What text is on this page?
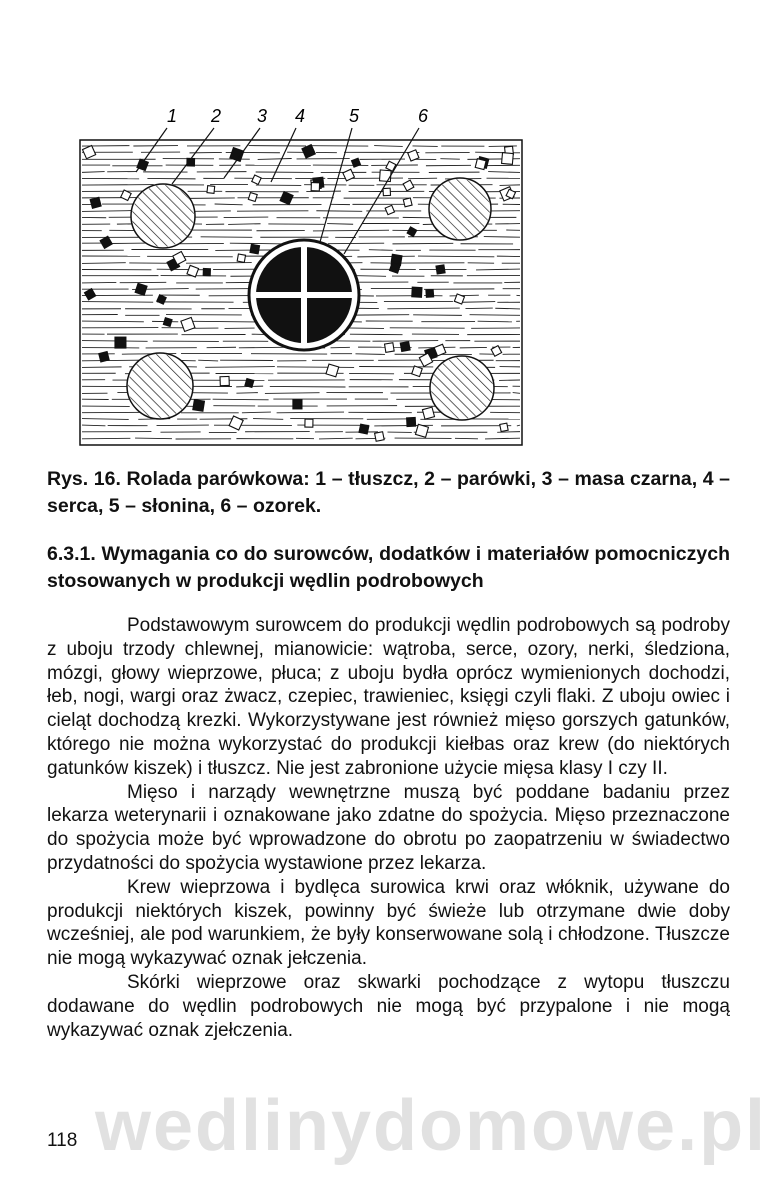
1 2 3 4 5	6
Rys. 16. Rolada parówkowa: 1 – tłuszcz, 2 – parówki, 3 – masa czarna, 4 – serca, 5 – słonina, 6 – ozorek.
6.3.1. Wymagania co do surowców, dodatków i materiałów pomocniczych stosowanych w produkcji wędlin podrobowych

Podstawowym surowcem do produkcji wędlin podrobowych są podroby z uboju trzody chlewnej, mianowicie: wątroba, serce, ozory, nerki, śledziona, mózgi, głowy wieprzowe, płuca; z uboju bydła oprócz wymienionych dochodzi, łeb, nogi, wargi oraz żwacz, czepiec, trawieniec, księgi czyli flaki. Z uboju owiec i cieląt dochodzą krezki. Wykorzystywane jest również mięso gorszych gatunków, którego nie można wykorzystać do produkcji kiełbas oraz krew (do niektórych gatunków kiszek) i tłuszcz. Nie jest zabronione użycie mięsa klasy I czy II.

Mięso i narządy wewnętrzne muszą być poddane badaniu przez lekarza weterynarii i oznakowane jako zdatne do spożycia. Mięso przeznaczone do spożycia może być wprowadzone do obrotu po zaopatrzeniu w świadectwo przydatności do spożycia wystawione przez lekarza.

Krew wieprzowa i bydlęca surowica krwi oraz włóknik, używane do produkcji niektórych kiszek, powinny być świeże lub otrzymane dwie doby wcześniej, ale pod warunkiem, że były konserwowane solą i chłodzone. Tłuszcze nie mogą wykazywać oznak jełczenia.

Skórki wieprzowe oraz skwarki pochodzące z wytopu tłuszczu dodawane do wędlin podrobowych nie mogą być przypalone i nie mogą wykazywać oznak zjełczenia.

wedlinydomowe.pl
118
